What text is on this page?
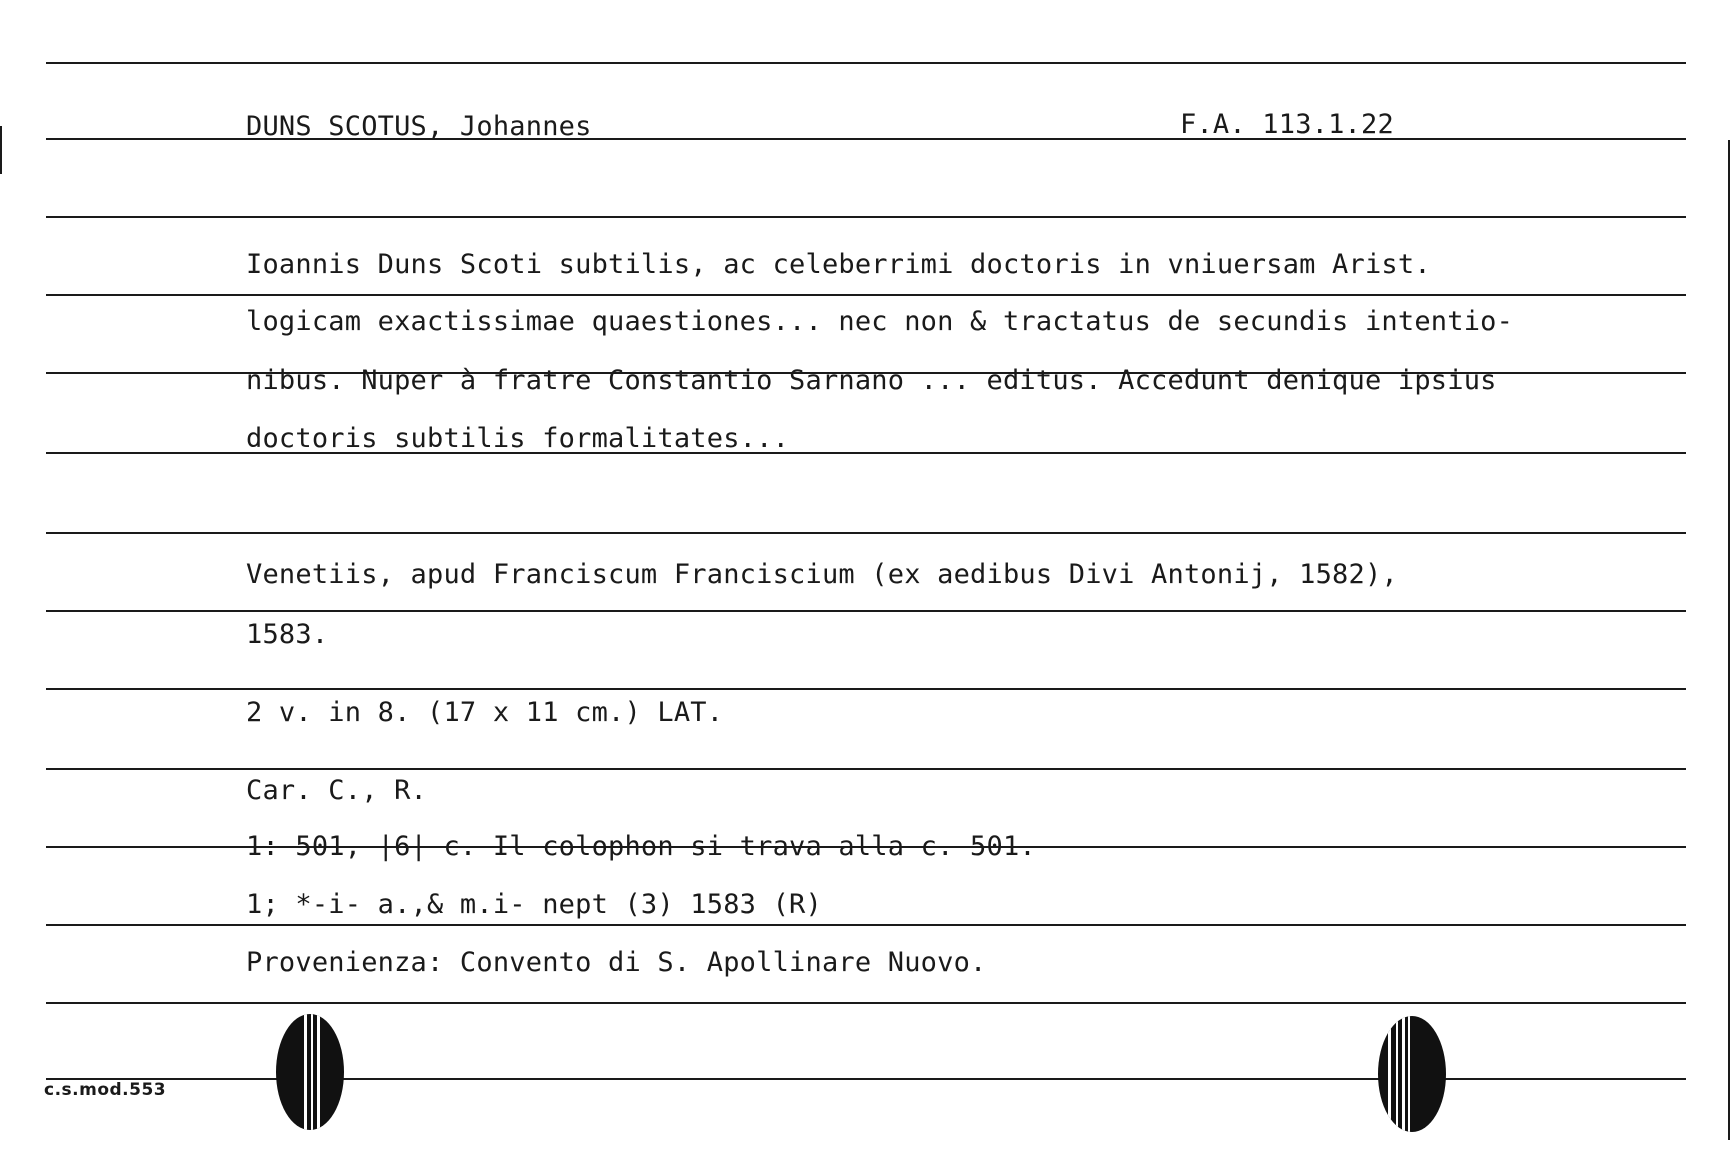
DUNS SCOTUS, Johannes	F.A. 113.1.22
Ioannis Duns Scoti subtilis, ac celeberrimi doctoris in vniuersam Arist.
logicam exactissimae quaestiones... nec non & tractatus de secundis intentio-
nibus. Nuper à fratre Constantio Sarnano ... editus. Accedunt denique ipsius
doctoris subtilis formalitates...
Venetiis, apud Franciscum Franciscium (ex aedibus Divi Antonij, 1582),
1583.
2 v. in 8. (17 x 11 cm.) LAT.
Car. C., R.
1: 501, |6| c. Il colophon si trava alla c. 501.
1; *-i- a.,& m.i- nept (3) 1583 (R)
Provenienza: Convento di S. Apollinare Nuovo.
c.s.mod.553
